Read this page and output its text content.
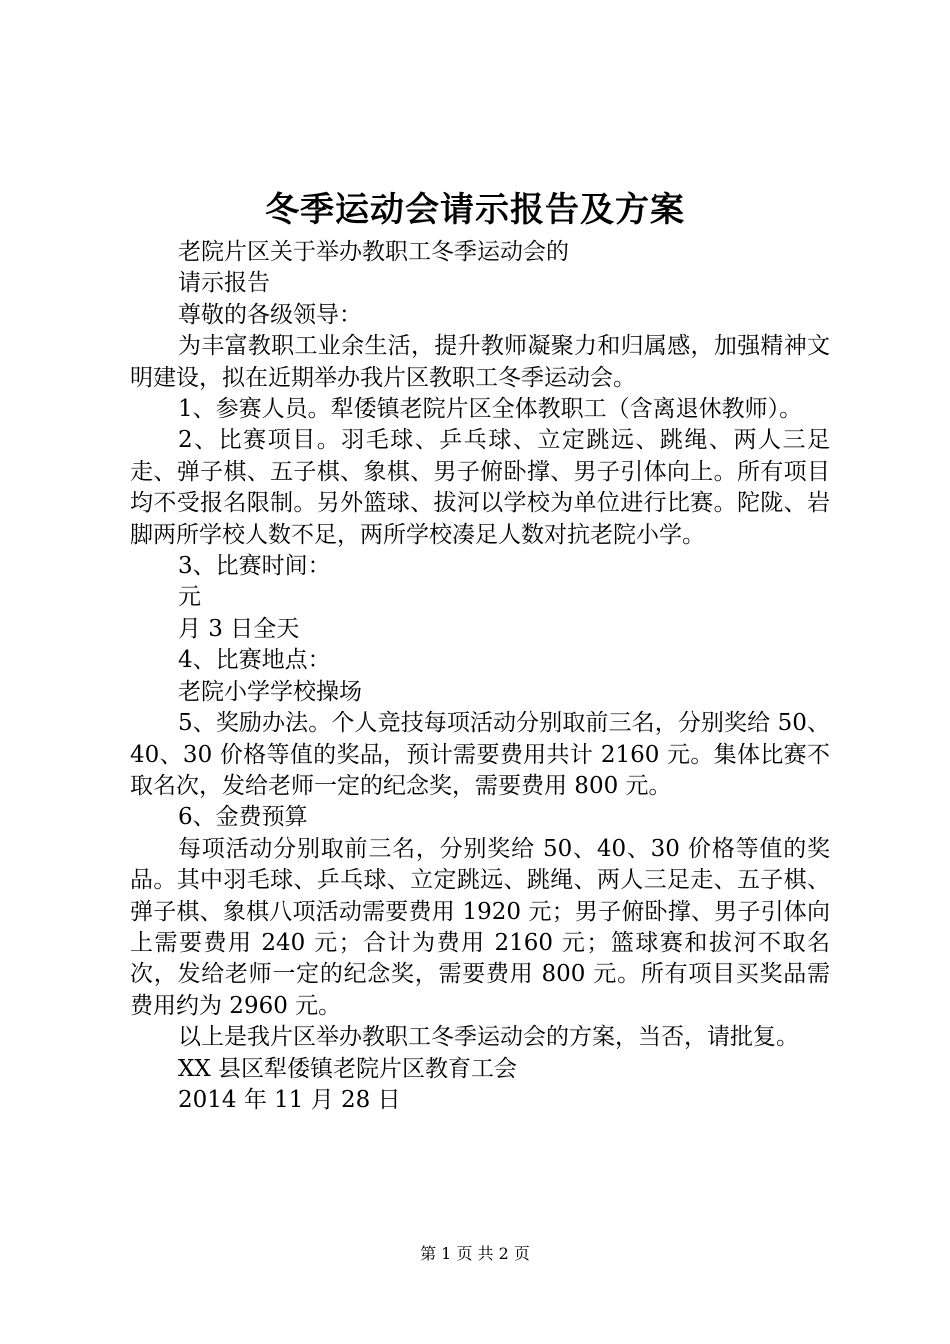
冬季运动会请示报告及方案

老院片区关于举办教职工冬季运动会的

请示报告

尊敬的各级领导：

为丰富教职工业余生活，提升教师凝聚力和归属感，加强精神文明建设，拟在近期举办我片区教职工冬季运动会。

1、参赛人员。犁倭镇老院片区全体教职工（含离退休教师）。

2、比赛项目。羽毛球、乒乓球、立定跳远、跳绳、两人三足走、弹子棋、五子棋、象棋、男子俯卧撑、男子引体向上。所有项目均不受报名限制。另外篮球、拔河以学校为单位进行比赛。陀陇、岩脚两所学校人数不足，两所学校凑足人数对抗老院小学。

3、比赛时间：

元

月 3 日全天

4、比赛地点：

老院小学学校操场

5、奖励办法。个人竞技每项活动分别取前三名，分别奖给 50、40、30 价格等值的奖品，预计需要费用共计 2160 元。集体比赛不取名次，发给老师一定的纪念奖，需要费用 800 元。

6、金费预算

每项活动分别取前三名，分别奖给 50、40、30 价格等值的奖品。其中羽毛球、乒乓球、立定跳远、跳绳、两人三足走、五子棋、弹子棋、象棋八项活动需要费用 1920 元；男子俯卧撑、男子引体向上需要费用 240 元；合计为费用 2160 元；篮球赛和拔河不取名次，发给老师一定的纪念奖，需要费用 800 元。所有项目买奖品需费用约为 2960 元。

以上是我片区举办教职工冬季运动会的方案，当否，请批复。

XX 县区犁倭镇老院片区教育工会

2014 年 11 月 28 日

第 1 页 共 2 页
